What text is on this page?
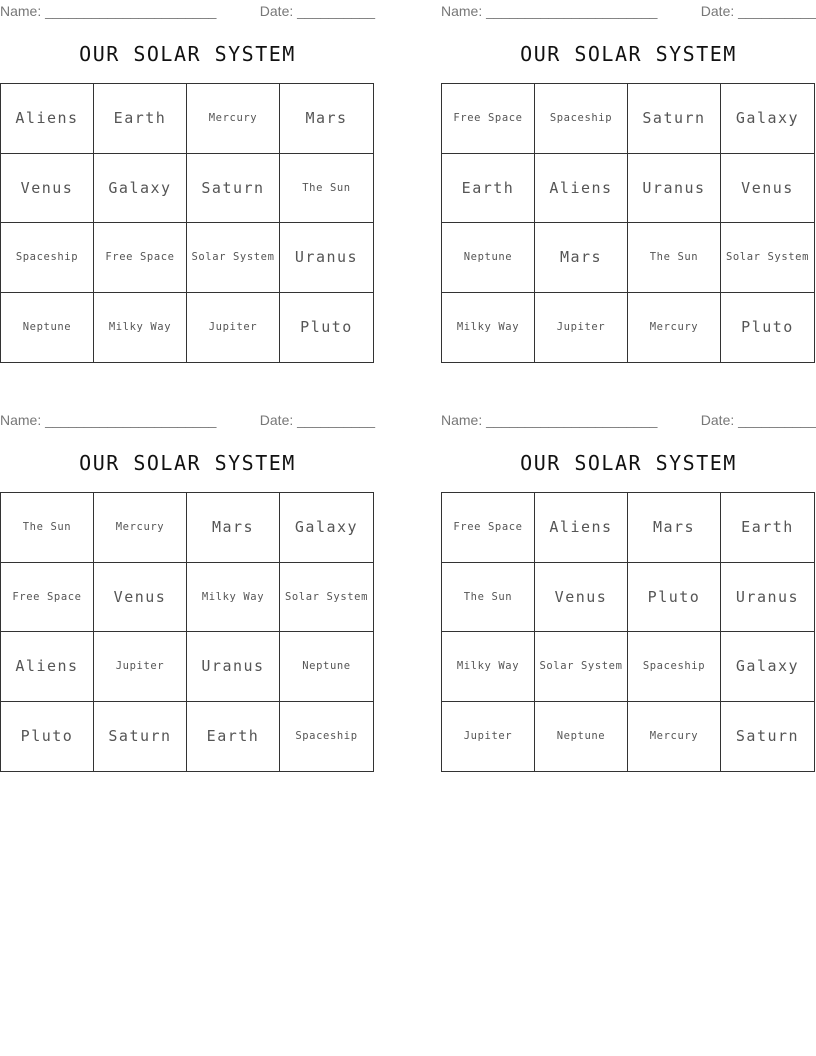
Name: ______________________	Date: __________
OUR SOLAR SYSTEM
Aliens	Earth	Mercury	Mars
Venus	Galaxy	Saturn	The Sun
Spaceship	Free Space	Solar System	Uranus
Neptune	Milky Way	Jupiter	Pluto
Name: ______________________	Date: __________
OUR SOLAR SYSTEM
Free Space	Spaceship	Saturn	Galaxy
Earth	Aliens	Uranus	Venus
Neptune	Mars	The Sun	Solar System
Milky Way	Jupiter	Mercury	Pluto
Name: ______________________	Date: __________
OUR SOLAR SYSTEM
The Sun	Mercury	Mars	Galaxy
Free Space	Venus	Milky Way	Solar System
Aliens	Jupiter	Uranus	Neptune
Pluto	Saturn	Earth	Spaceship
Name: ______________________	Date: __________
OUR SOLAR SYSTEM
Free Space	Aliens	Mars	Earth
The Sun	Venus	Pluto	Uranus
Milky Way	Solar System	Spaceship	Galaxy
Jupiter	Neptune	Mercury	Saturn
